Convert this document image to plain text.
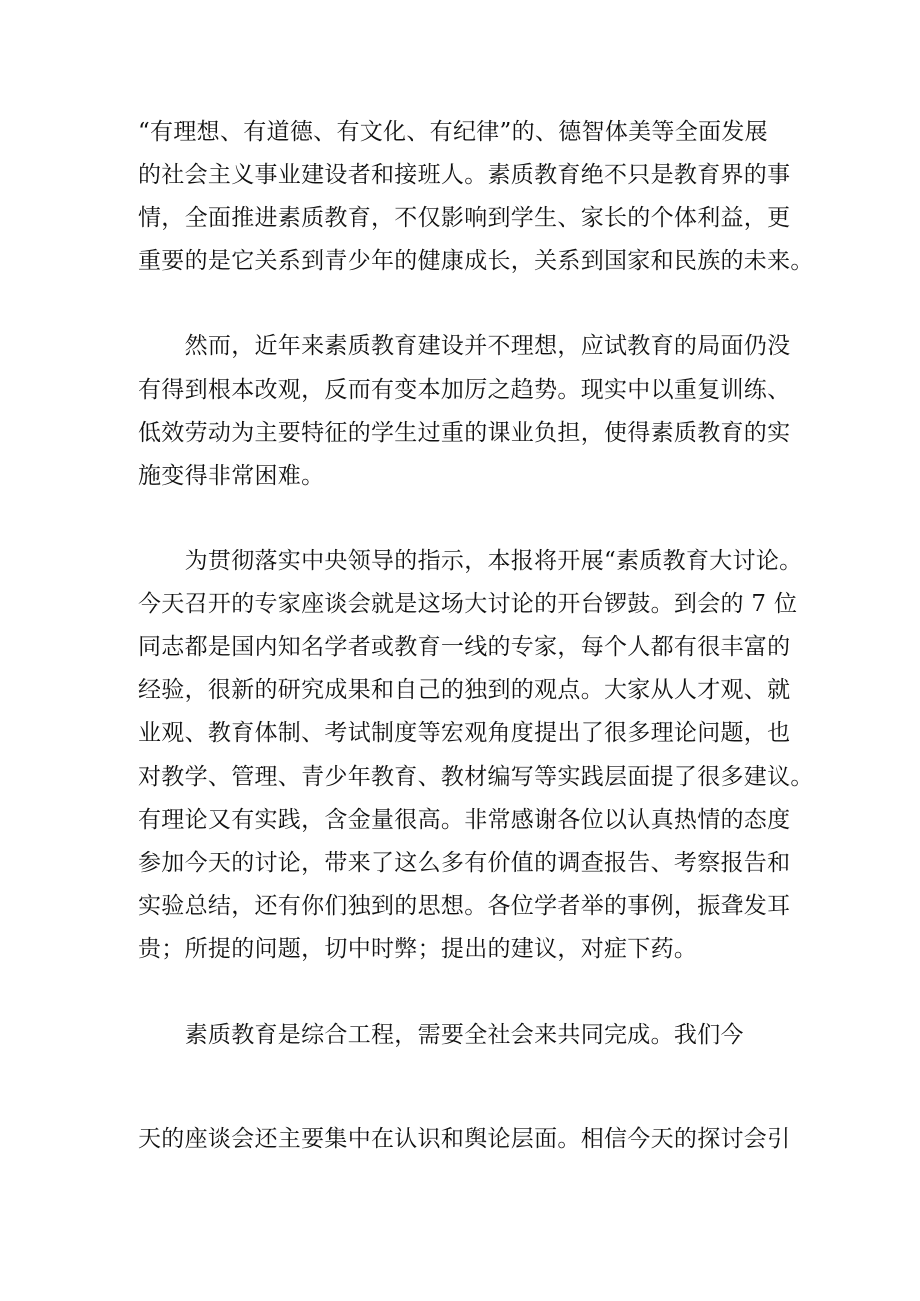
“有理想、有道德、有文化、有纪律”的、德智体美等全面发展
的社会主义事业建设者和接班人。素质教育绝不只是教育界的事
情，全面推进素质教育，不仅影响到学生、家长的个体利益，更
重要的是它关系到青少年的健康成长，关系到国家和民族的未来。
　　然而，近年来素质教育建设并不理想，应试教育的局面仍没
有得到根本改观，反而有变本加厉之趋势。现实中以重复训练、
低效劳动为主要特征的学生过重的课业负担，使得素质教育的实
施变得非常困难。
　　为贯彻落实中央领导的指示，本报将开展“素质教育大讨论。
今天召开的专家座谈会就是这场大讨论的开台锣鼓。到会的 7 位
同志都是国内知名学者或教育一线的专家，每个人都有很丰富的
经验，很新的研究成果和自己的独到的观点。大家从人才观、就
业观、教育体制、考试制度等宏观角度提出了很多理论问题，也
对教学、管理、青少年教育、教材编写等实践层面提了很多建议。
有理论又有实践，含金量很高。非常感谢各位以认真热情的态度
参加今天的讨论，带来了这么多有价值的调查报告、考察报告和
实验总结，还有你们独到的思想。各位学者举的事例，振聋发耳
贵；所提的问题，切中时弊；提出的建议，对症下药。
　　素质教育是综合工程，需要全社会来共同完成。我们今
天的座谈会还主要集中在认识和舆论层面。相信今天的探讨会引
